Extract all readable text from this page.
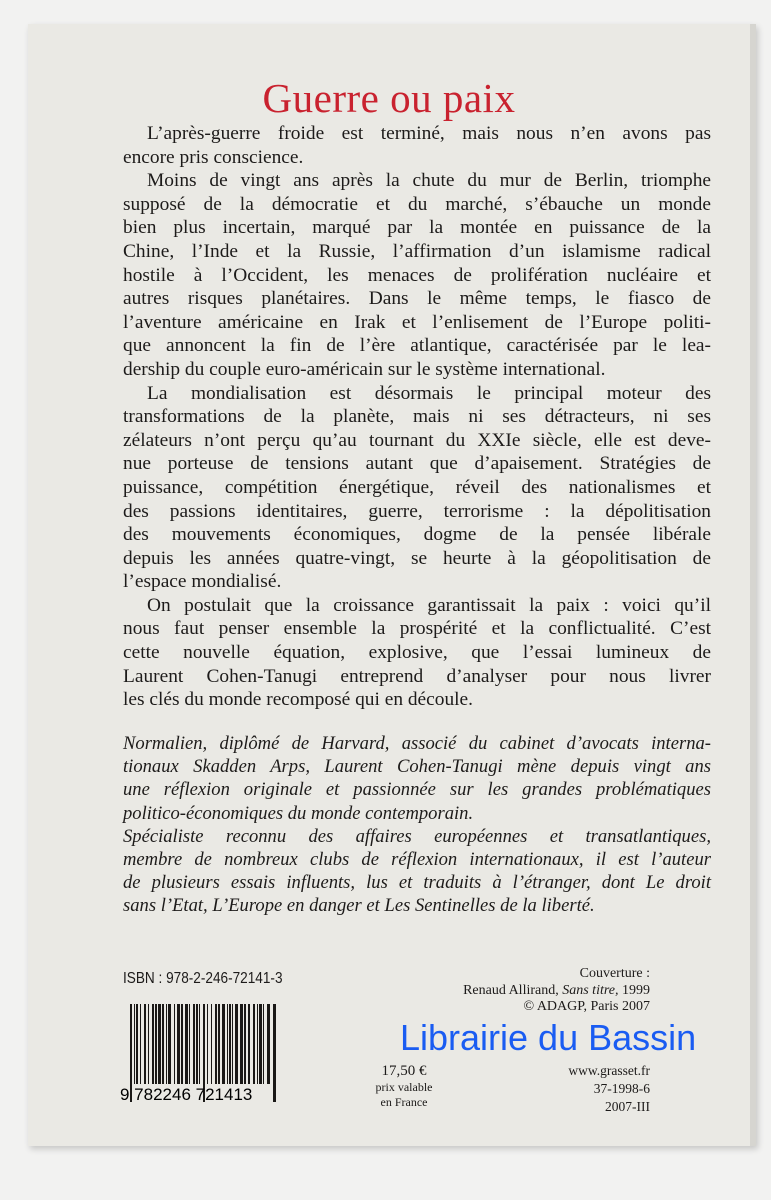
Guerre ou paix
L’après-guerre froide est terminé, mais nous n’en avons pas
encore pris conscience.
Moins de vingt ans après la chute du mur de Berlin, triomphe
supposé de la démocratie et du marché, s’ébauche un monde
bien plus incertain, marqué par la montée en puissance de la
Chine, l’Inde et la Russie, l’affirmation d’un islamisme radical
hostile à l’Occident, les menaces de prolifération nucléaire et
autres risques planétaires. Dans le même temps, le fiasco de
l’aventure américaine en Irak et l’enlisement de l’Europe politi-
que annoncent la fin de l’ère atlantique, caractérisée par le lea-
dership du couple euro-américain sur le système international.
La mondialisation est désormais le principal moteur des
transformations de la planète, mais ni ses détracteurs, ni ses
zélateurs n’ont perçu qu’au tournant du XXIe siècle, elle est deve-
nue porteuse de tensions autant que d’apaisement. Stratégies de
puissance, compétition énergétique, réveil des nationalismes et
des passions identitaires, guerre, terrorisme : la dépolitisation
des mouvements économiques, dogme de la pensée libérale
depuis les années quatre-vingt, se heurte à la géopolitisation de
l’espace mondialisé.
On postulait que la croissance garantissait la paix : voici qu’il
nous faut penser ensemble la prospérité et la conflictualité. C’est
cette nouvelle équation, explosive, que l’essai lumineux de
Laurent Cohen-Tanugi entreprend d’analyser pour nous livrer
les clés du monde recomposé qui en découle.
Normalien, diplômé de Harvard, associé du cabinet d’avocats interna-
tionaux Skadden Arps, Laurent Cohen-Tanugi mène depuis vingt ans
une réflexion originale et passionnée sur les grandes problématiques
politico-économiques du monde contemporain.
Spécialiste reconnu des affaires européennes et transatlantiques,
membre de nombreux clubs de réflexion internationaux, il est l’auteur
de plusieurs essais influents, lus et traduits à l’étranger, dont Le droit
sans l’Etat, L’Europe en danger et Les Sentinelles de la liberté.
ISBN : 978-2-246-72141-3
9 782246 721413
17,50 €
prix valable
en France
Couverture :
Renaud Allirand, Sans titre, 1999
© ADAGP, Paris 2007
Librairie du Bassin
www.grasset.fr
37-1998-6
2007-III
